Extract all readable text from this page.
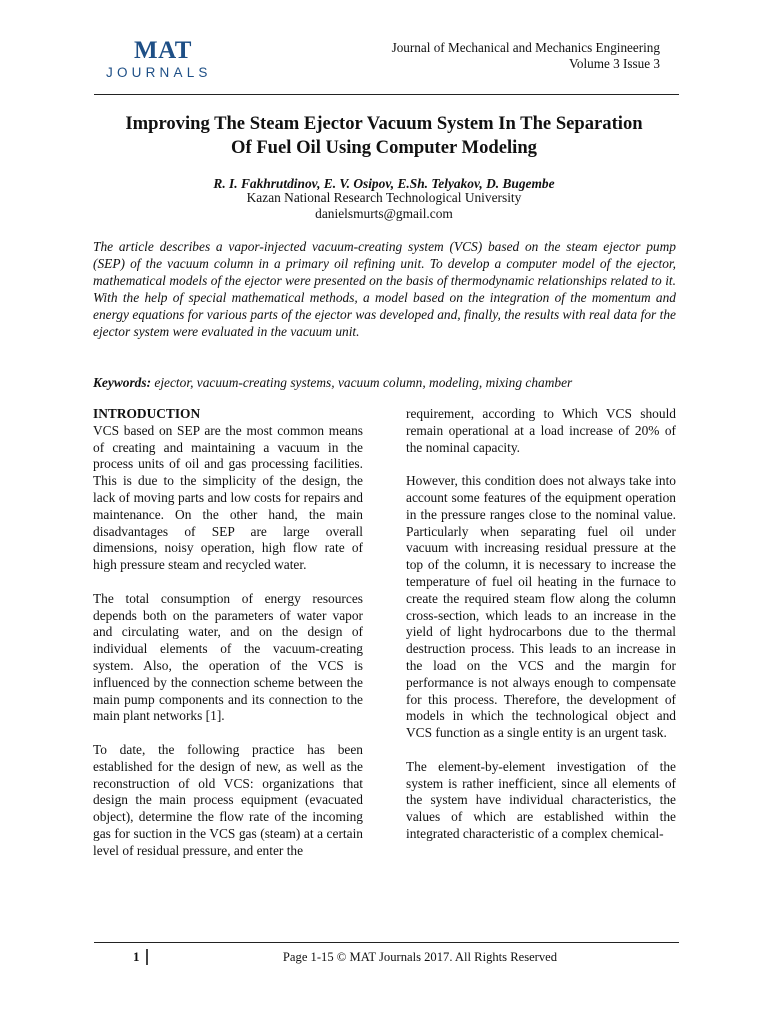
MAT
JOURNALS
Journal of Mechanical and Mechanics Engineering
Volume 3 Issue 3
Improving The Steam Ejector Vacuum System In The Separation
Of Fuel Oil Using Computer Modeling
R. I. Fakhrutdinov, E. V. Osipov, E.Sh. Telyakov, D. Bugembe
Kazan National Research Technological University
danielsmurts@gmail.com
The article describes a vapor-injected vacuum-creating system (VCS) based on the steam ejector pump (SEP) of the vacuum column in a primary oil refining unit. To develop a computer model of the ejector, mathematical models of the ejector were presented on the basis of thermodynamic relationships related to it. With the help of special mathematical methods, a model based on the integration of the momentum and energy equations for various parts of the ejector was developed and, finally, the results with real data for the ejector system were evaluated in the vacuum unit.
Keywords: ejector, vacuum-creating systems, vacuum column, modeling, mixing chamber

INTRODUCTION

VCS based on SEP are the most common means of creating and maintaining a vacuum in the process units of oil and gas processing facilities. This is due to the simplicity of the design, the lack of moving parts and low costs for repairs and maintenance. On the other hand, the main disadvantages of SEP are large overall dimensions, noisy operation, high flow rate of high pressure steam and recycled water.

The total consumption of energy resources depends both on the parameters of water vapor and circulating water, and on the design of individual elements of the vacuum-creating system. Also, the operation of the VCS is influenced by the connection scheme between the main pump components and its connection to the main plant networks [1].

To date, the following practice has been established for the design of new, as well as the reconstruction of old VCS: organizations that design the main process equipment (evacuated object), determine the flow rate of the incoming gas for suction in the VCS gas (steam) at a certain level of residual pressure, and enter the

requirement, according to Which VCS should remain operational at a load increase of 20% of the nominal capacity.

However, this condition does not always take into account some features of the equipment operation in the pressure ranges close to the nominal value. Particularly when separating fuel oil under vacuum with increasing residual pressure at the top of the column, it is necessary to increase the temperature of fuel oil heating in the furnace to create the required steam flow along the column cross-section, which leads to an increase in the yield of light hydrocarbons due to the thermal destruction process. This leads to an increase in the load on the VCS and the margin for performance is not always enough to compensate for this process. Therefore, the development of models in which the technological object and VCS function as a single entity is an urgent task.

The element-by-element investigation of the system is rather inefficient, since all elements of the system have individual characteristics, the values of which are established within the integrated characteristic of a complex chemical-

1	Page 1-15 © MAT Journals 2017. All Rights Reserved
